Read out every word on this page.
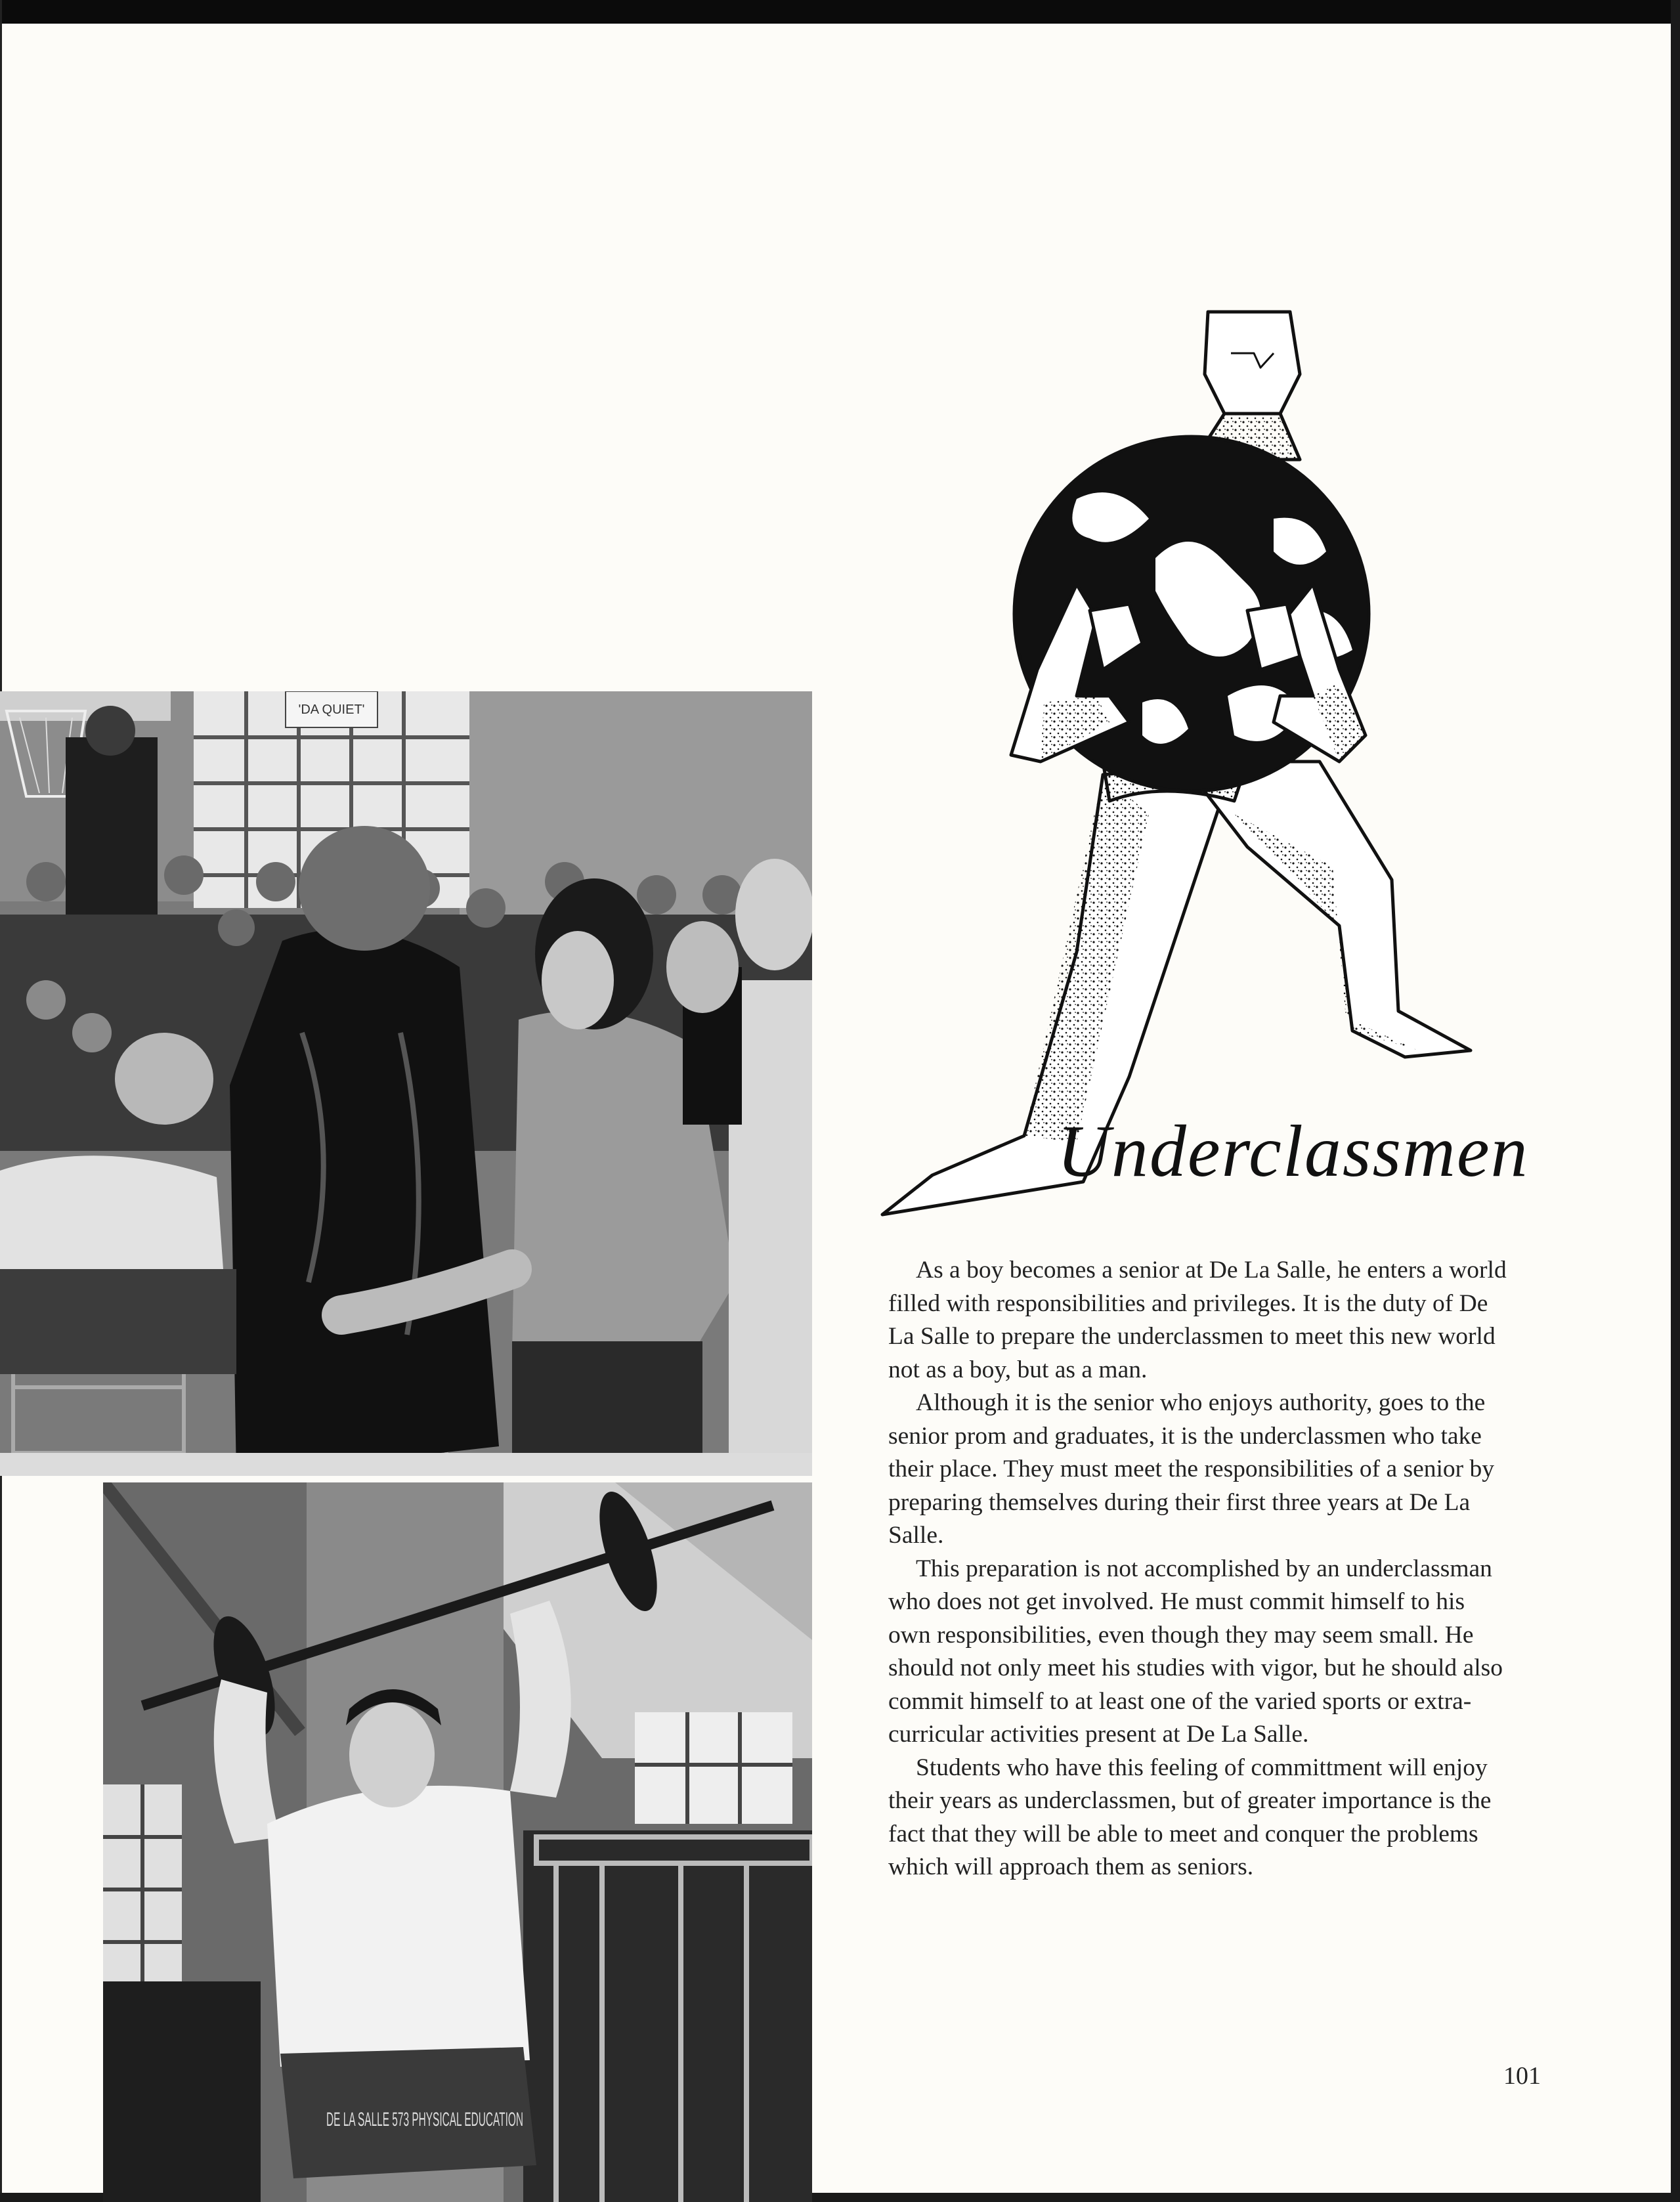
'DA QUIET'
DE LA SALLE 573 PHYSICAL EDUCATION
Underclassmen

As a boy becomes a senior at De La Salle, he enters a world filled with responsibilities and privileges. It is the duty of De La Salle to prepare the underclassmen to meet this new world not as a boy, but as a man.

Although it is the senior who enjoys authority, goes to the senior prom and graduates, it is the underclassmen who take their place. They must meet the responsibilities of a senior by preparing themselves during their first three years at De La Salle.

This preparation is not accomplished by an underclassman who does not get involved. He must commit himself to his own responsibilities, even though they may seem small. He should not only meet his studies with vigor, but he should also commit himself to at least one of the varied sports or extra-curricular activities present at De La Salle.

Students who have this feeling of committment will enjoy their years as underclassmen, but of greater importance is the fact that they will be able to meet and conquer the problems which will approach them as seniors.

101
